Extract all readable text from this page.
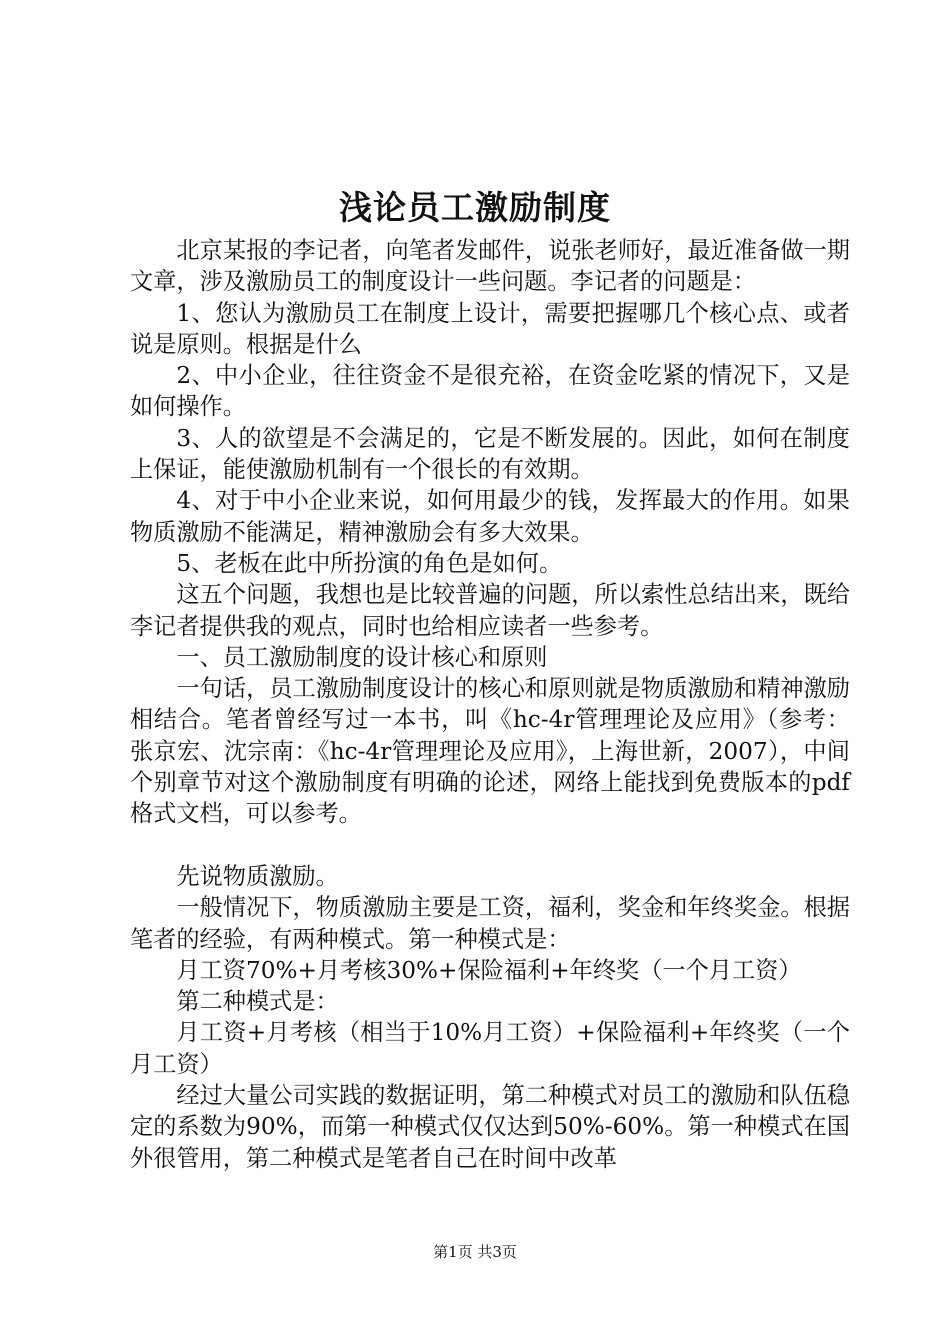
浅论员工激励制度

北京某报的李记者，向笔者发邮件，说张老师好，最近准备做一期文章，涉及激励员工的制度设计一些问题。李记者的问题是：

1、您认为激励员工在制度上设计，需要把握哪几个核心点、或者说是原则。根据是什么

2、中小企业，往往资金不是很充裕，在资金吃紧的情况下，又是如何操作。

3、人的欲望是不会满足的，它是不断发展的。因此，如何在制度上保证，能使激励机制有一个很长的有效期。

4、对于中小企业来说，如何用最少的钱，发挥最大的作用。如果物质激励不能满足，精神激励会有多大效果。

5、老板在此中所扮演的角色是如何。

这五个问题，我想也是比较普遍的问题，所以索性总结出来，既给李记者提供我的观点，同时也给相应读者一些参考。

一、员工激励制度的设计核心和原则

一句话，员工激励制度设计的核心和原则就是物质激励和精神激励相结合。笔者曾经写过一本书，叫《hc-4r管理理论及应用》（参考：张京宏、沈宗南：《hc-4r管理理论及应用》，上海世新，2007），中间个别章节对这个激励制度有明确的论述，网络上能找到免费版本的pdf格式文档，可以参考。

先说物质激励。

一般情况下，物质激励主要是工资，福利，奖金和年终奖金。根据笔者的经验，有两种模式。第一种模式是：

月工资70%+月考核30%+保险福利+年终奖（一个月工资）

第二种模式是：

月工资+月考核（相当于10%月工资）+保险福利+年终奖（一个月工资）

经过大量公司实践的数据证明，第二种模式对员工的激励和队伍稳定的系数为90%，而第一种模式仅仅达到50%-60%。第一种模式在国外很管用，第二种模式是笔者自己在时间中改革

第1页 共3页
